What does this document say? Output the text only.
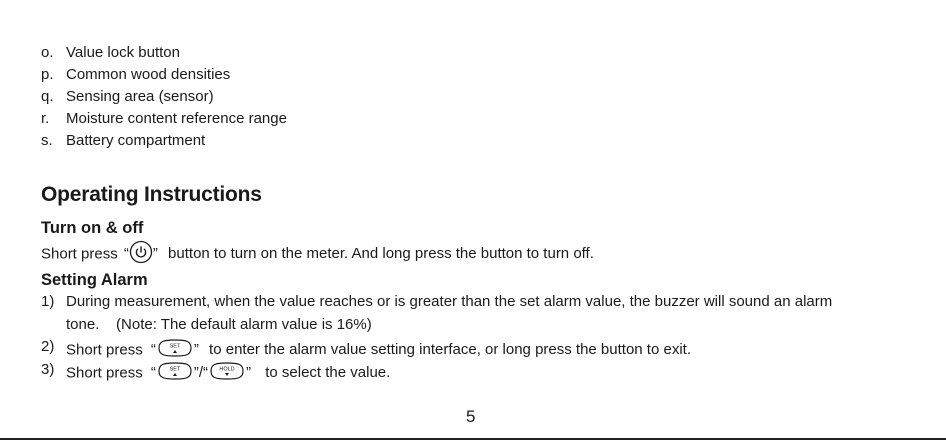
o. Value lock button
p. Common wood densities
q. Sensing area (sensor)
r. Moisture content reference range
s. Battery compartment
Operating Instructions
Turn on & off
Short press “ ” button to turn on the meter. And long press the button to turn off.
Setting Alarm
1) During measurement, when the value reaches or is greater than the set alarm value, the buzzer will sound an alarm
tone.    (Note: The default alarm value is 16%)
2) Short press “ SET ” to enter the alarm value setting interface, or long press the button to exit.
3) Short press “ SET ”/“ HOLD ” to select the value.
5
